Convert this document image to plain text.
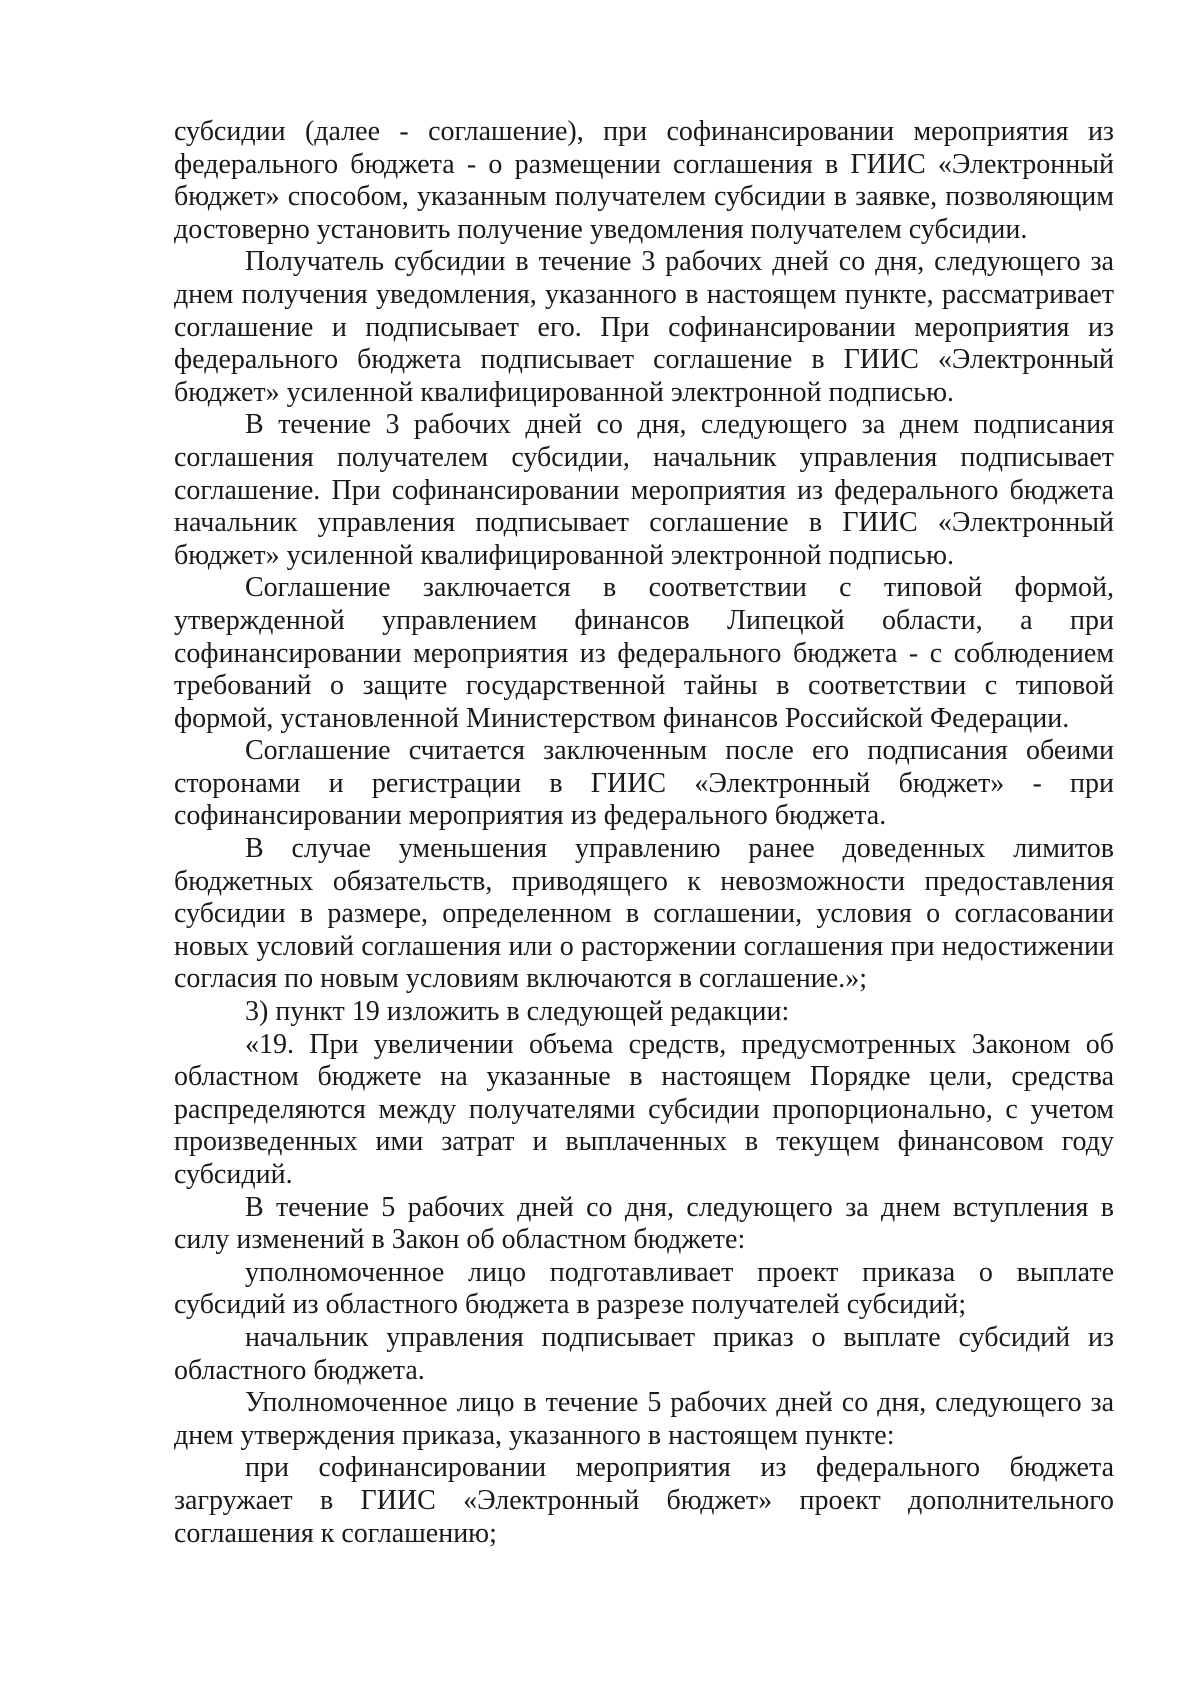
субсидии (далее - соглашение), при софинансировании мероприятия из федерального бюджета - о размещении соглашения в ГИИС «Электронный бюджет» способом, указанным получателем субсидии в заявке, позволяющим достоверно установить получение уведомления получателем субсидии.

Получатель субсидии в течение 3 рабочих дней со дня, следующего за днем получения уведомления, указанного в настоящем пункте, рассматривает соглашение и подписывает его. При софинансировании мероприятия из федерального бюджета подписывает соглашение в ГИИС «Электронный бюджет» усиленной квалифицированной электронной подписью.

В течение 3 рабочих дней со дня, следующего за днем подписания соглашения получателем субсидии, начальник управления подписывает соглашение. При софинансировании мероприятия из федерального бюджета начальник управления подписывает соглашение в ГИИС «Электронный бюджет» усиленной квалифицированной электронной подписью.

Соглашение заключается в соответствии с типовой формой, утвержденной управлением финансов Липецкой области, а при софинансировании мероприятия из федерального бюджета - с соблюдением требований о защите государственной тайны в соответствии с типовой формой, установленной Министерством финансов Российской Федерации.

Соглашение считается заключенным после его подписания обеими сторонами и регистрации в ГИИС «Электронный бюджет» - при софинансировании мероприятия из федерального бюджета.

В случае уменьшения управлению ранее доведенных лимитов бюджетных обязательств, приводящего к невозможности предоставления субсидии в размере, определенном в соглашении, условия о согласовании новых условий соглашения или о расторжении соглашения при недостижении согласия по новым условиям включаются в соглашение.»;

3) пункт 19 изложить в следующей редакции:

«19. При увеличении объема средств, предусмотренных Законом об областном бюджете на указанные в настоящем Порядке цели, средства распределяются между получателями субсидии пропорционально, с учетом произведенных ими затрат и выплаченных в текущем финансовом году субсидий.

В течение 5 рабочих дней со дня, следующего за днем вступления в силу изменений в Закон об областном бюджете:

уполномоченное лицо подготавливает проект приказа о выплате субсидий из областного бюджета в разрезе получателей субсидий;

начальник управления подписывает приказ о выплате субсидий из областного бюджета.

Уполномоченное лицо в течение 5 рабочих дней со дня, следующего за днем утверждения приказа, указанного в настоящем пункте:

при софинансировании мероприятия из федерального бюджета загружает в ГИИС «Электронный бюджет» проект дополнительного соглашения к соглашению;
